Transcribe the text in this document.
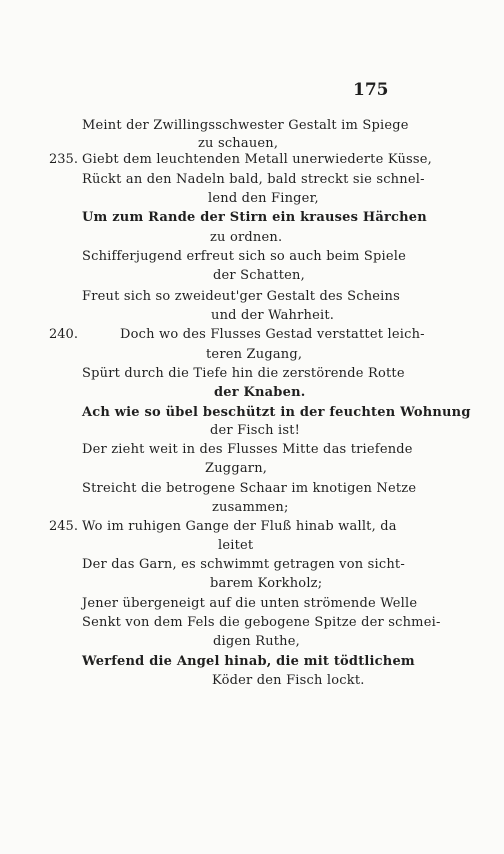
175
235.
240.
245.
Meint der Zwillingsschwester Gestalt im Spiege
zu schauen,
Giebt dem leuchtenden Metall unerwiederte Küsse,
Rückt an den Nadeln bald, bald streckt sie schnel-
lend den Finger,
Um zum Rande der Stirn ein krauses Härchen
zu ordnen.
Schifferjugend erfreut sich so auch beim Spiele
der Schatten,
Freut sich so zweideut'ger Gestalt des Scheins
und der Wahrheit.
Doch wo des Flusses Gestad verstattet leich-
teren Zugang,
Spürt durch die Tiefe hin die zerstörende Rotte
der Knaben.
Ach wie so übel beschützt in der feuchten Wohnung
der Fisch ist!
Der zieht weit in des Flusses Mitte das triefende
Zuggarn,
Streicht die betrogene Schaar im knotigen Netze
zusammen;
Wo im ruhigen Gange der Fluß hinab wallt, da
leitet
Der das Garn, es schwimmt getragen von sicht-
barem Korkholz;
Jener übergeneigt auf die unten strömende Welle
Senkt von dem Fels die gebogene Spitze der schmei-
digen Ruthe,
Werfend die Angel hinab, die mit tödtlichem
Köder den Fisch lockt.
